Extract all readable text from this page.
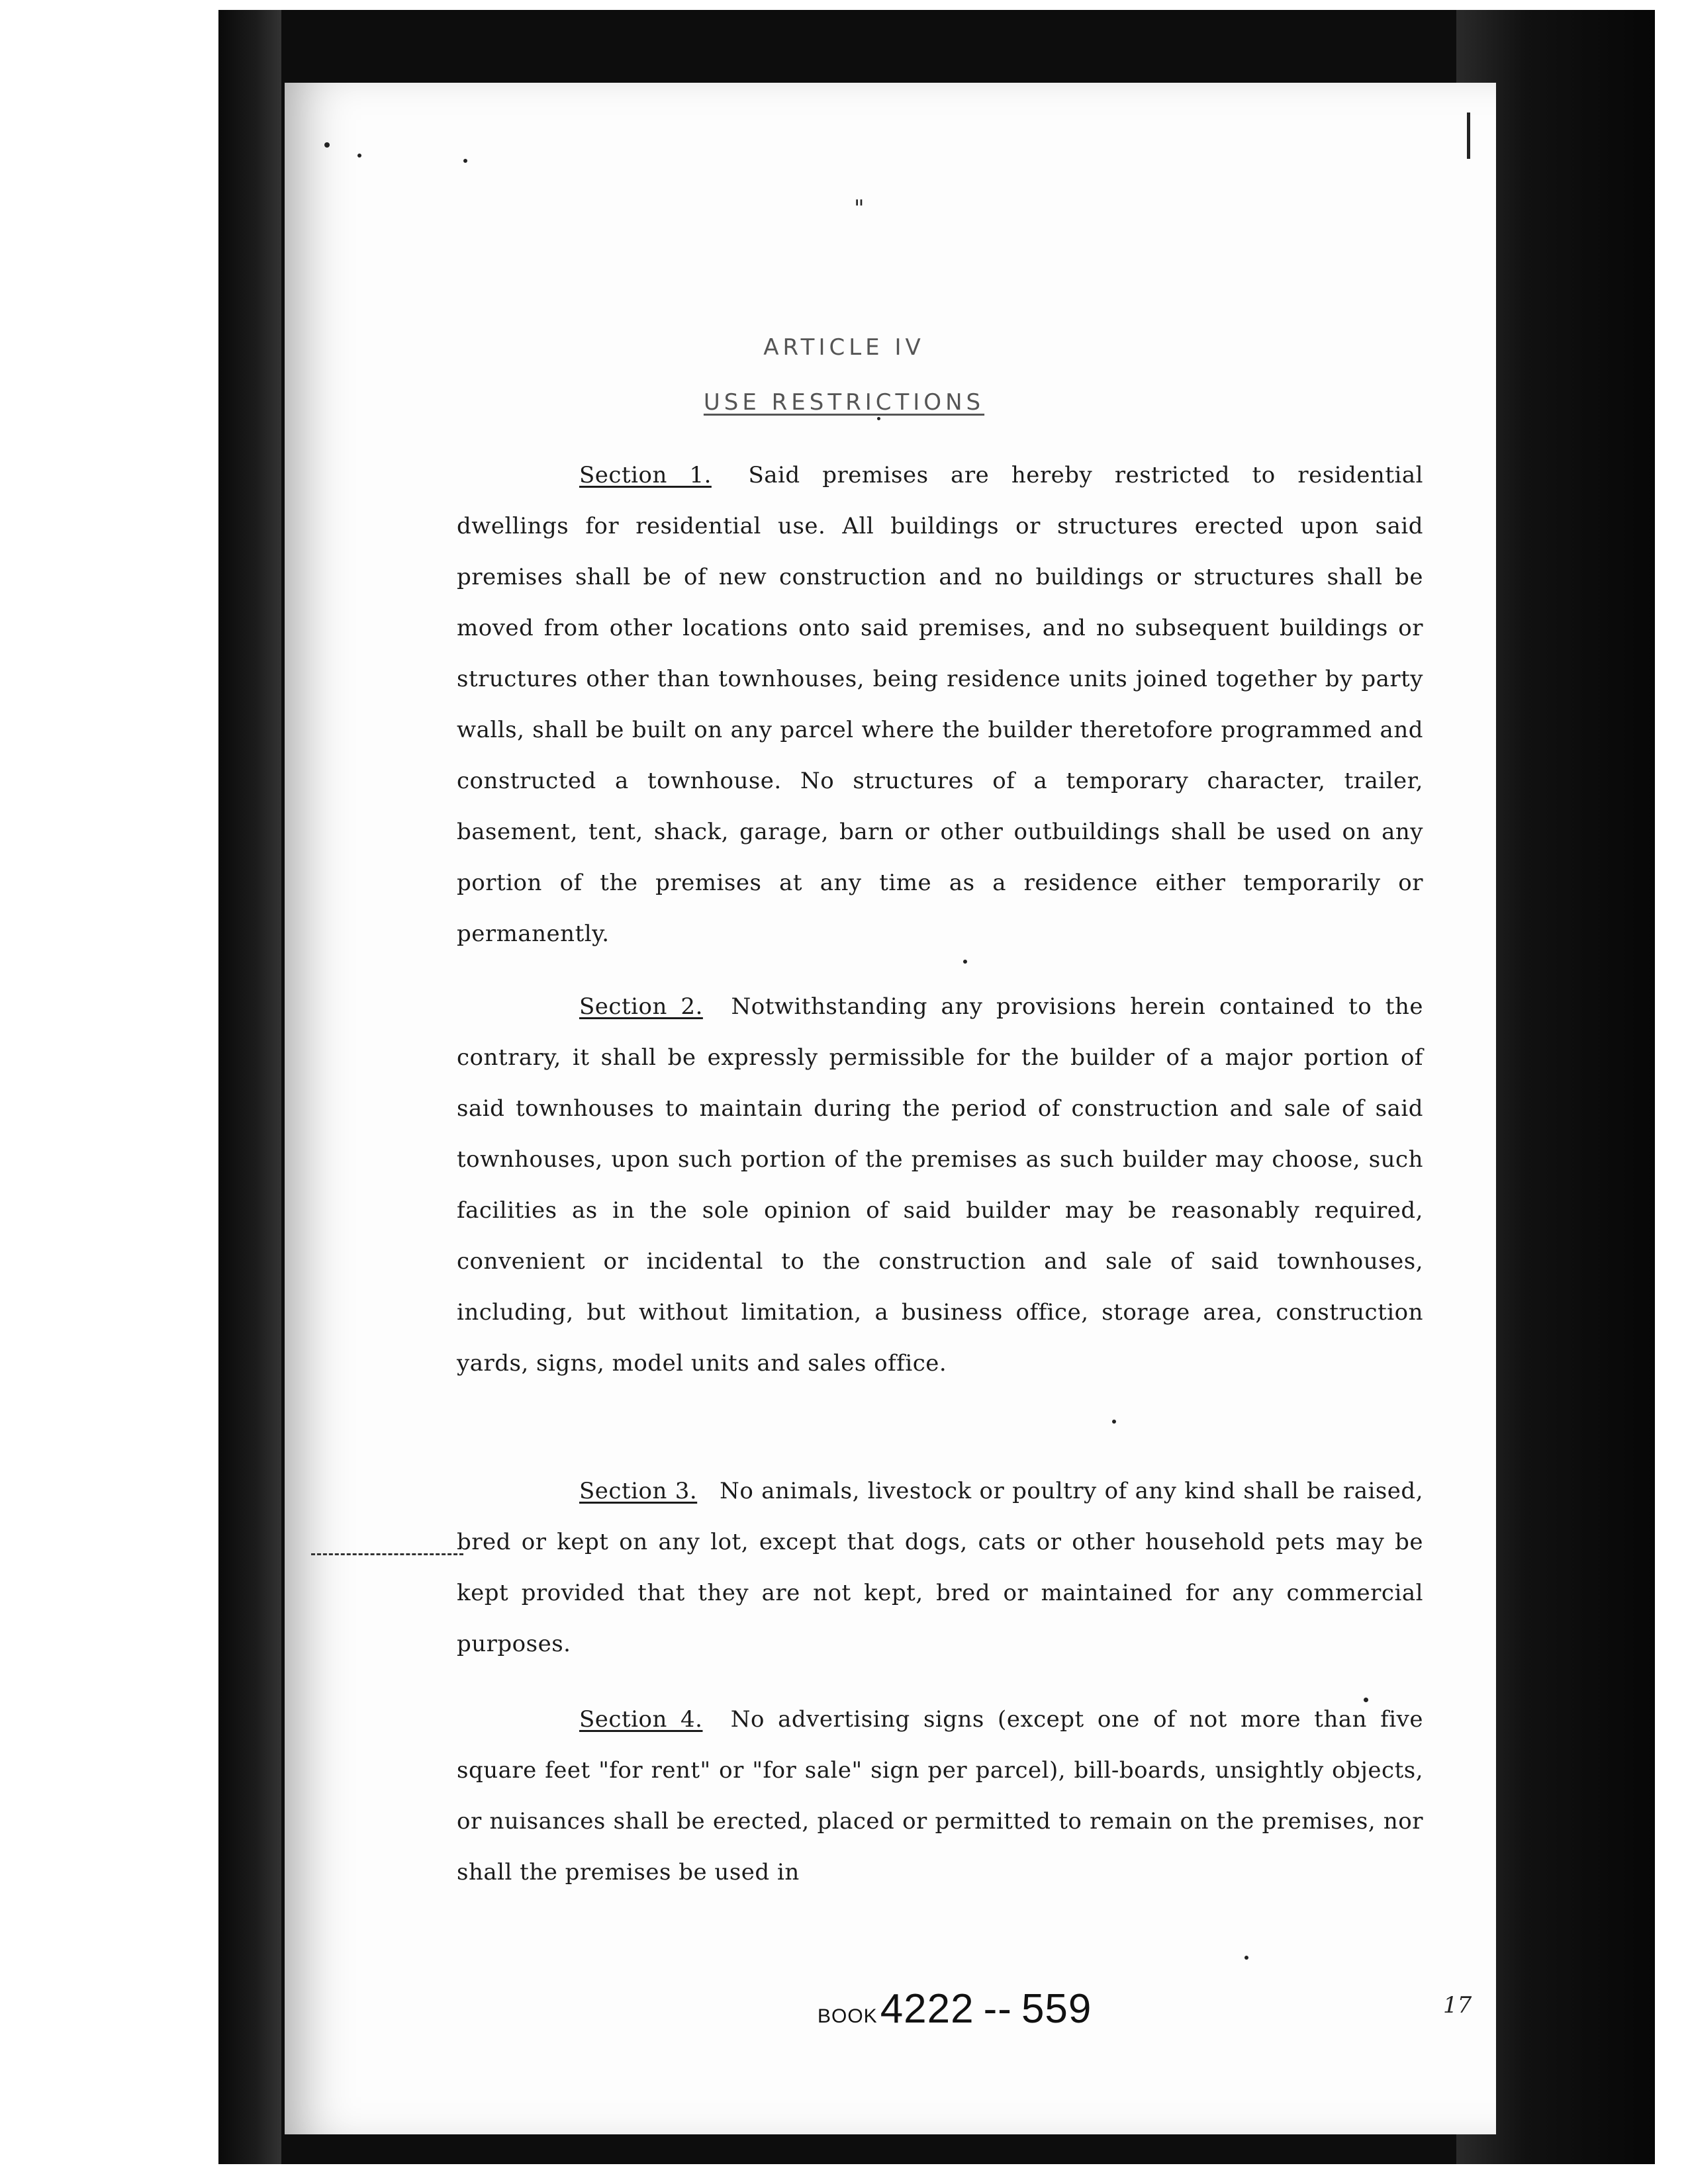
"
ARTICLE IV
USE RESTRICTIONS

Section 1. Said premises are hereby restricted to residential dwellings for residential use. All buildings or structures erected upon said premises shall be of new construction and no buildings or structures shall be moved from other locations onto said premises, and no subsequent buildings or structures other than townhouses, being residence units joined together by party walls, shall be built on any parcel where the builder theretofore programmed and constructed a townhouse. No structures of a temporary character, trailer, basement, tent, shack, garage, barn or other outbuildings shall be used on any portion of the premises at any time as a residence either temporarily or permanently.

Section 2. Notwithstanding any provisions herein contained to the contrary, it shall be expressly permissible for the builder of a major portion of said townhouses to maintain during the period of construction and sale of said townhouses, upon such portion of the premises as such builder may choose, such facilities as in the sole opinion of said builder may be reasonably required, convenient or incidental to the construction and sale of said townhouses, including, but without limitation, a business office, storage area, construction yards, signs, model units and sales office.

Section 3. No animals, livestock or poultry of any kind shall be raised, bred or kept on any lot, except that dogs, cats or other household pets may be kept provided that they are not kept, bred or maintained for any commercial purposes.

Section 4. No advertising signs (except one of not more than five square feet "for rent" or "for sale" sign per parcel), bill-boards, unsightly objects, or nuisances shall be erected, placed or permitted to remain on the premises, nor shall the premises be used in

BOOK4222 -- 559	17
